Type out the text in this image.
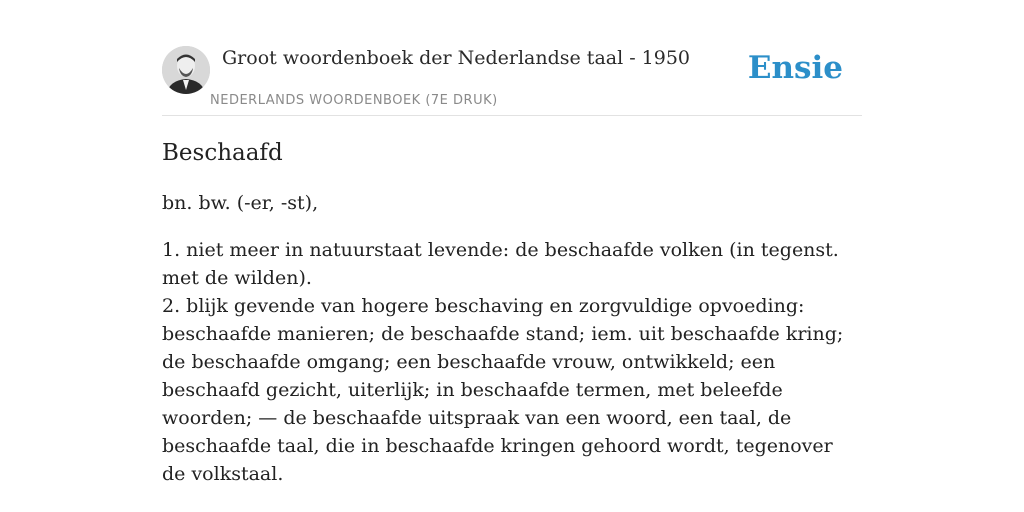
Groot woordenboek der Nederlandse taal - 1950
NEDERLANDS WOORDENBOEK (7E DRUK)
Ensie
Beschaafd

bn. bw. (-er, -st),

1. niet meer in natuurstaat levende: de beschaafde volken (in tegenst. met de wilden).
2. blijk gevende van hogere beschaving en zorgvuldige opvoeding: beschaafde manieren; de beschaafde stand; iem. uit beschaafde kring; de beschaafde omgang; een beschaafde vrouw, ontwikkeld; een beschaafd gezicht, uiterlijk; in beschaafde termen, met beleefde woorden; — de beschaafde uitspraak van een woord, een taal, de beschaafde taal, die in beschaafde kringen gehoord wordt, tegenover de volkstaal.
